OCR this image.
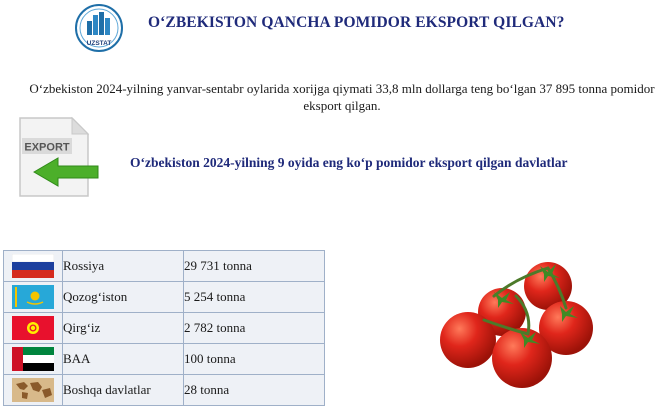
UZSTAT
O‘ZBEKISTON QANCHA POMIDOR EKSPORT QILGAN?
O‘zbekiston 2024-yilning yanvar-sentabr oylarida xorijga qiymati 33,8 mln dollarga teng bo‘lgan 37 895 tonna pomidor eksport qilgan.
EXPORT
O‘zbekiston 2024-yilning 9 oyida eng ko‘p pomidor eksport qilgan davlatlar
	Rossiya	29 731 tonna
	Qozog‘iston	5 254 tonna
	Qirg‘iz	2 782 tonna
	BAA	100 tonna
	Boshqa davlatlar	28 tonna
